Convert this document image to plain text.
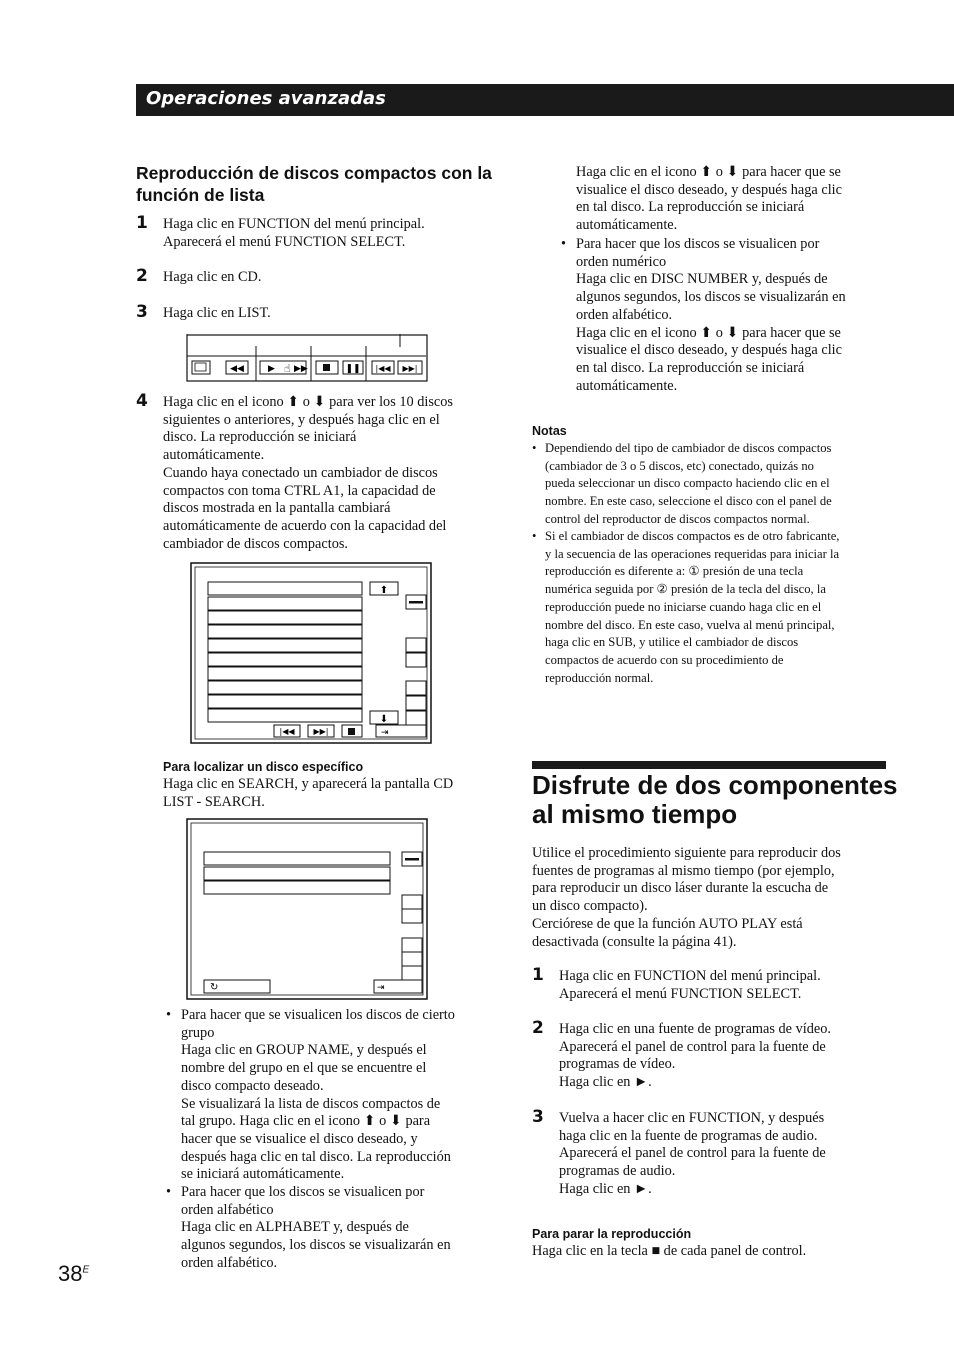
Operaciones avanzadas
Reproducción de discos compactos con la
función de lista
1 Haga clic en FUNCTION del menú principal.
Aparecerá el menú FUNCTION SELECT.
2 Haga clic en CD.
3 Haga clic en LIST.
◀◀	▶ ☝ ▶▶	❚❚ |◀◀ ▶▶|
4 Haga clic en el icono ⬆ o ⬇ para ver los 10 discos
siguientes o anteriores, y después haga clic en el
disco. La reproducción se iniciará
automáticamente.
Cuando haya conectado un cambiador de discos
compactos con toma CTRL A1, la capacidad de
discos mostrada en la pantalla cambiará
automáticamente de acuerdo con la capacidad del
cambiador de discos compactos.
⬆
⬇
|◀◀ ▶▶|	⇥
Para localizar un disco específico
Haga clic en SEARCH, y aparecerá la pantalla CD
LIST - SEARCH.
↻	⇥
• Para hacer que se visualicen los discos de cierto
grupo
Haga clic en GROUP NAME, y después el
nombre del grupo en el que se encuentre el
disco compacto deseado.
Se visualizará la lista de discos compactos de
tal grupo. Haga clic en el icono ⬆ o ⬇ para
hacer que se visualice el disco deseado, y
después haga clic en tal disco. La reproducción
se iniciará automáticamente.
• Para hacer que los discos se visualicen por
orden alfabético
Haga clic en ALPHABET y, después de
algunos segundos, los discos se visualizarán en
orden alfabético.
$38^E$
Haga clic en el icono ⬆ o ⬇ para hacer que se
visualice el disco deseado, y después haga clic
en tal disco. La reproducción se iniciará
automáticamente.
• Para hacer que los discos se visualicen por
orden numérico
Haga clic en DISC NUMBER y, después de
algunos segundos, los discos se visualizarán en
orden alfabético.
Haga clic en el icono ⬆ o ⬇ para hacer que se
visualice el disco deseado, y después haga clic
en tal disco. La reproducción se iniciará
automáticamente.
Notas
• Dependiendo del tipo de cambiador de discos compactos
(cambiador de 3 o 5 discos, etc) conectado, quizás no
pueda seleccionar un disco compacto haciendo clic en el
nombre. En este caso, seleccione el disco con el panel de
control del reproductor de discos compactos normal.
• Si el cambiador de discos compactos es de otro fabricante,
y la secuencia de las operaciones requeridas para iniciar la
reproducción es diferente a: ① presión de una tecla
numérica seguida por ② presión de la tecla del disco, la
reproducción puede no iniciarse cuando haga clic en el
nombre del disco. En este caso, vuelva al menú principal,
haga clic en SUB, y utilice el cambiador de discos
compactos de acuerdo con su procedimiento de
reproducción normal.
Disfrute de dos componentes
al mismo tiempo
Utilice el procedimiento siguiente para reproducir dos
fuentes de programas al mismo tiempo (por ejemplo,
para reproducir un disco láser durante la escucha de
un disco compacto).
Cerciórese de que la función AUTO PLAY está
desactivada (consulte la página 41).
1 Haga clic en FUNCTION del menú principal.
Aparecerá el menú FUNCTION SELECT.
2 Haga clic en una fuente de programas de vídeo.
Aparecerá el panel de control para la fuente de
programas de vídeo.
Haga clic en ►.
3 Vuelva a hacer clic en FUNCTION, y después
haga clic en la fuente de programas de audio.
Aparecerá el panel de control para la fuente de
programas de audio.
Haga clic en ►.
Para parar la reproducción
Haga clic en la tecla ■ de cada panel de control.
